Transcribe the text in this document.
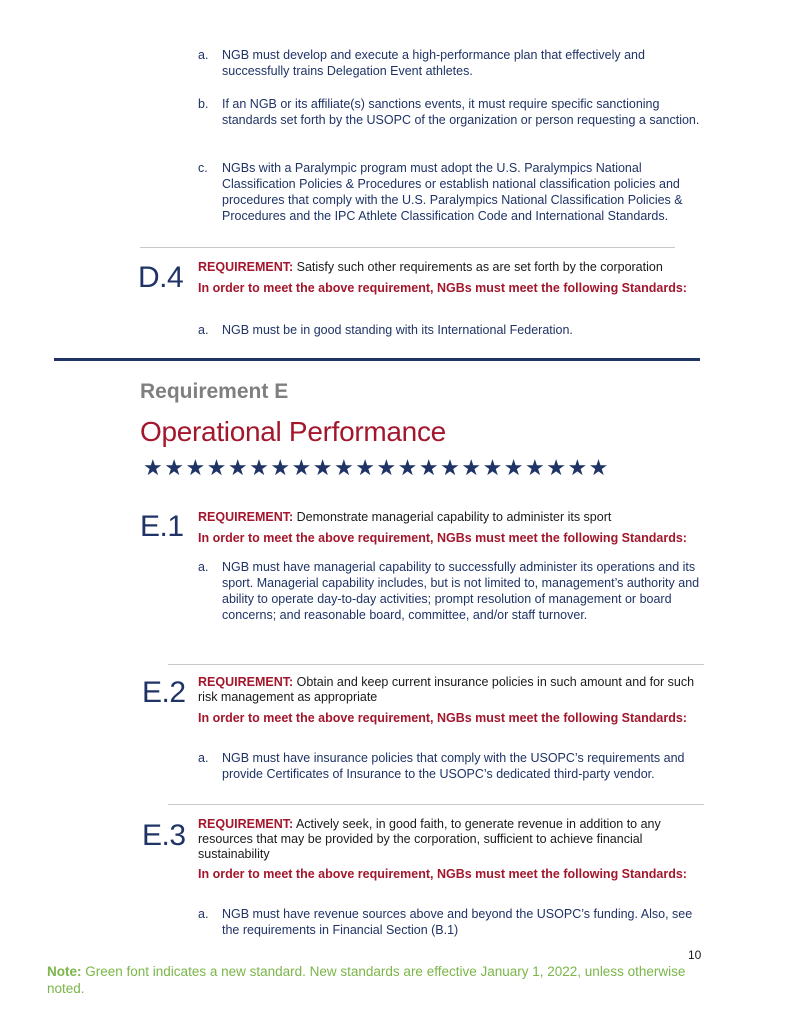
a. NGB must develop and execute a high-performance plan that effectively and successfully trains Delegation Event athletes.
b. If an NGB or its affiliate(s) sanctions events, it must require specific sanctioning standards set forth by the USOPC of the organization or person requesting a sanction.
c. NGBs with a Paralympic program must adopt the U.S. Paralympics National Classification Policies & Procedures or establish national classification policies and procedures that comply with the U.S. Paralympics National Classification Policies & Procedures and the IPC Athlete Classification Code and International Standards.
D.4 REQUIREMENT: Satisfy such other requirements as are set forth by the corporation
In order to meet the above requirement, NGBs must meet the following Standards:
a. NGB must be in good standing with its International Federation.
Requirement E
Operational Performance
★★★★★★★★★★★★★★★★★★★★★★
E.1 REQUIREMENT: Demonstrate managerial capability to administer its sport
In order to meet the above requirement, NGBs must meet the following Standards:
a. NGB must have managerial capability to successfully administer its operations and its sport. Managerial capability includes, but is not limited to, management’s authority and ability to operate day-to-day activities; prompt resolution of management or board concerns; and reasonable board, committee, and/or staff turnover.
E.2 REQUIREMENT: Obtain and keep current insurance policies in such amount and for such risk management as appropriate
In order to meet the above requirement, NGBs must meet the following Standards:
a. NGB must have insurance policies that comply with the USOPC’s requirements and provide Certificates of Insurance to the USOPC’s dedicated third-party vendor.
E.3 REQUIREMENT: Actively seek, in good faith, to generate revenue in addition to any resources that may be provided by the corporation, sufficient to achieve financial sustainability
In order to meet the above requirement, NGBs must meet the following Standards:
a. NGB must have revenue sources above and beyond the USOPC’s funding. Also, see the requirements in Financial Section (B.1)
10
Note: Green font indicates a new standard. New standards are effective January 1, 2022, unless otherwise noted.
